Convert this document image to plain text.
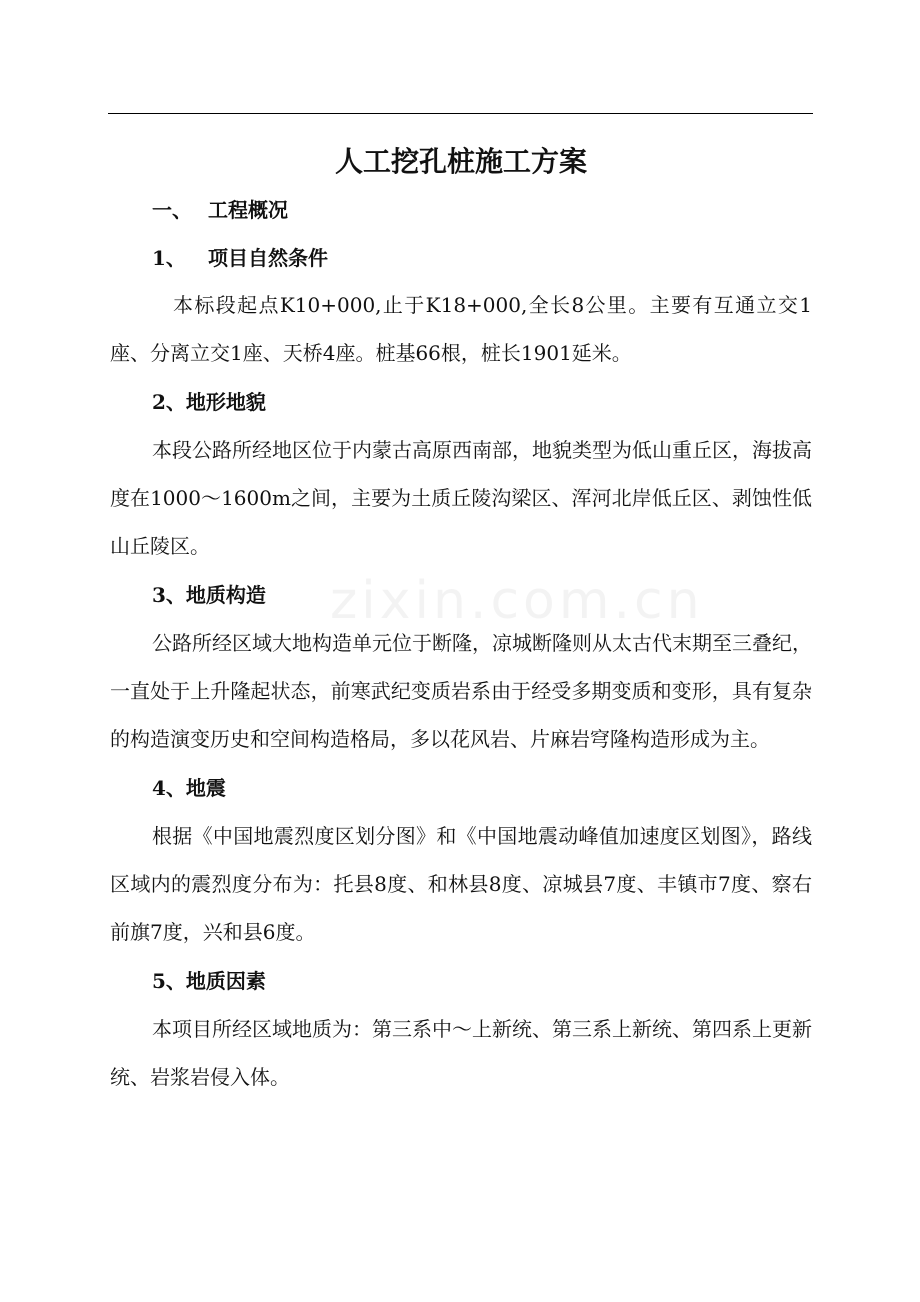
zixin.com.cn
人工挖孔桩施工方案
一、 工程概况
1、 项目自然条件

本标段起点K10+000,止于K18+000,全长8公里。主要有互通立交1座、分离立交1座、天桥4座。桩基66根，桩长1901延米。

2、地形地貌

本段公路所经地区位于内蒙古高原西南部，地貌类型为低山重丘区，海拔高度在1000～1600m之间，主要为土质丘陵沟梁区、浑河北岸低丘区、剥蚀性低山丘陵区。

3、地质构造

公路所经区域大地构造单元位于断隆，凉城断隆则从太古代末期至三叠纪，一直处于上升隆起状态，前寒武纪变质岩系由于经受多期变质和变形，具有复杂的构造演变历史和空间构造格局，多以花风岩、片麻岩穹隆构造形成为主。

4、地震

根据《中国地震烈度区划分图》和《中国地震动峰值加速度区划图》，路线区域内的震烈度分布为：托县8度、和林县8度、凉城县7度、丰镇市7度、察右前旗7度，兴和县6度。

5、地质因素

本项目所经区域地质为：第三系中～上新统、第三系上新统、第四系上更新统、岩浆岩侵入体。
